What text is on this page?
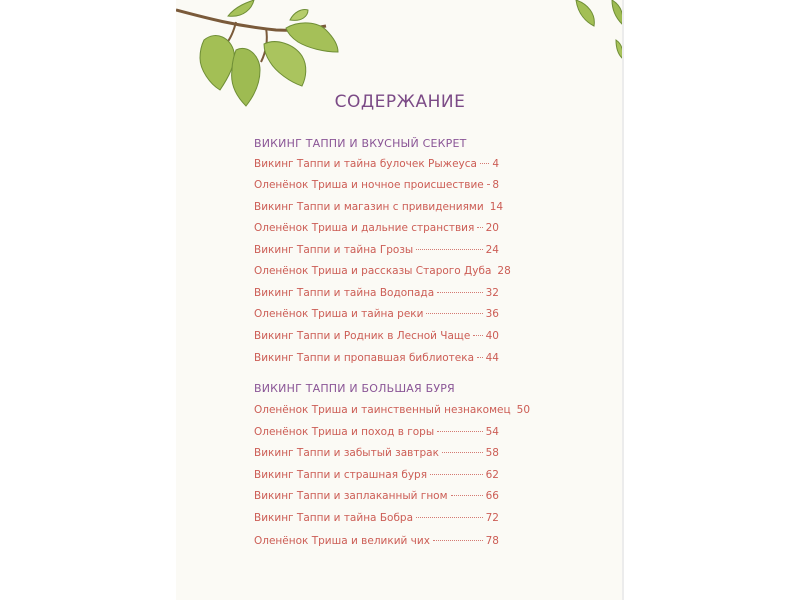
СОДЕРЖАНИЕ
ВИКИНГ ТАППИ И ВКУСНЫЙ СЕКРЕТ
Викинг Таппи и тайна булочек Рыжеуса 4
Оленёнок Триша и ночное происшествие 8
Викинг Таппи и магазин с привидениями 14
Оленёнок Триша и дальние странствия 20
Викинг Таппи и тайна Грозы	24
Оленёнок Триша и рассказы Старого Дуба 28
Викинг Таппи и тайна Водопада	32
Оленёнок Триша и тайна реки	36
Викинг Таппи и Родник в Лесной Чаще 40
Викинг Таппи и пропавшая библиотека 44
ВИКИНГ ТАППИ И БОЛЬШАЯ БУРЯ
Оленёнок Триша и таинственный незнакомец 50
Оленёнок Триша и поход в горы	54
Викинг Таппи и забытый завтрак	58
Викинг Таппи и страшная буря	62
Викинг Таппи и заплаканный гном	66
Викинг Таппи и тайна Бобра	72
Оленёнок Триша и великий чих	78
